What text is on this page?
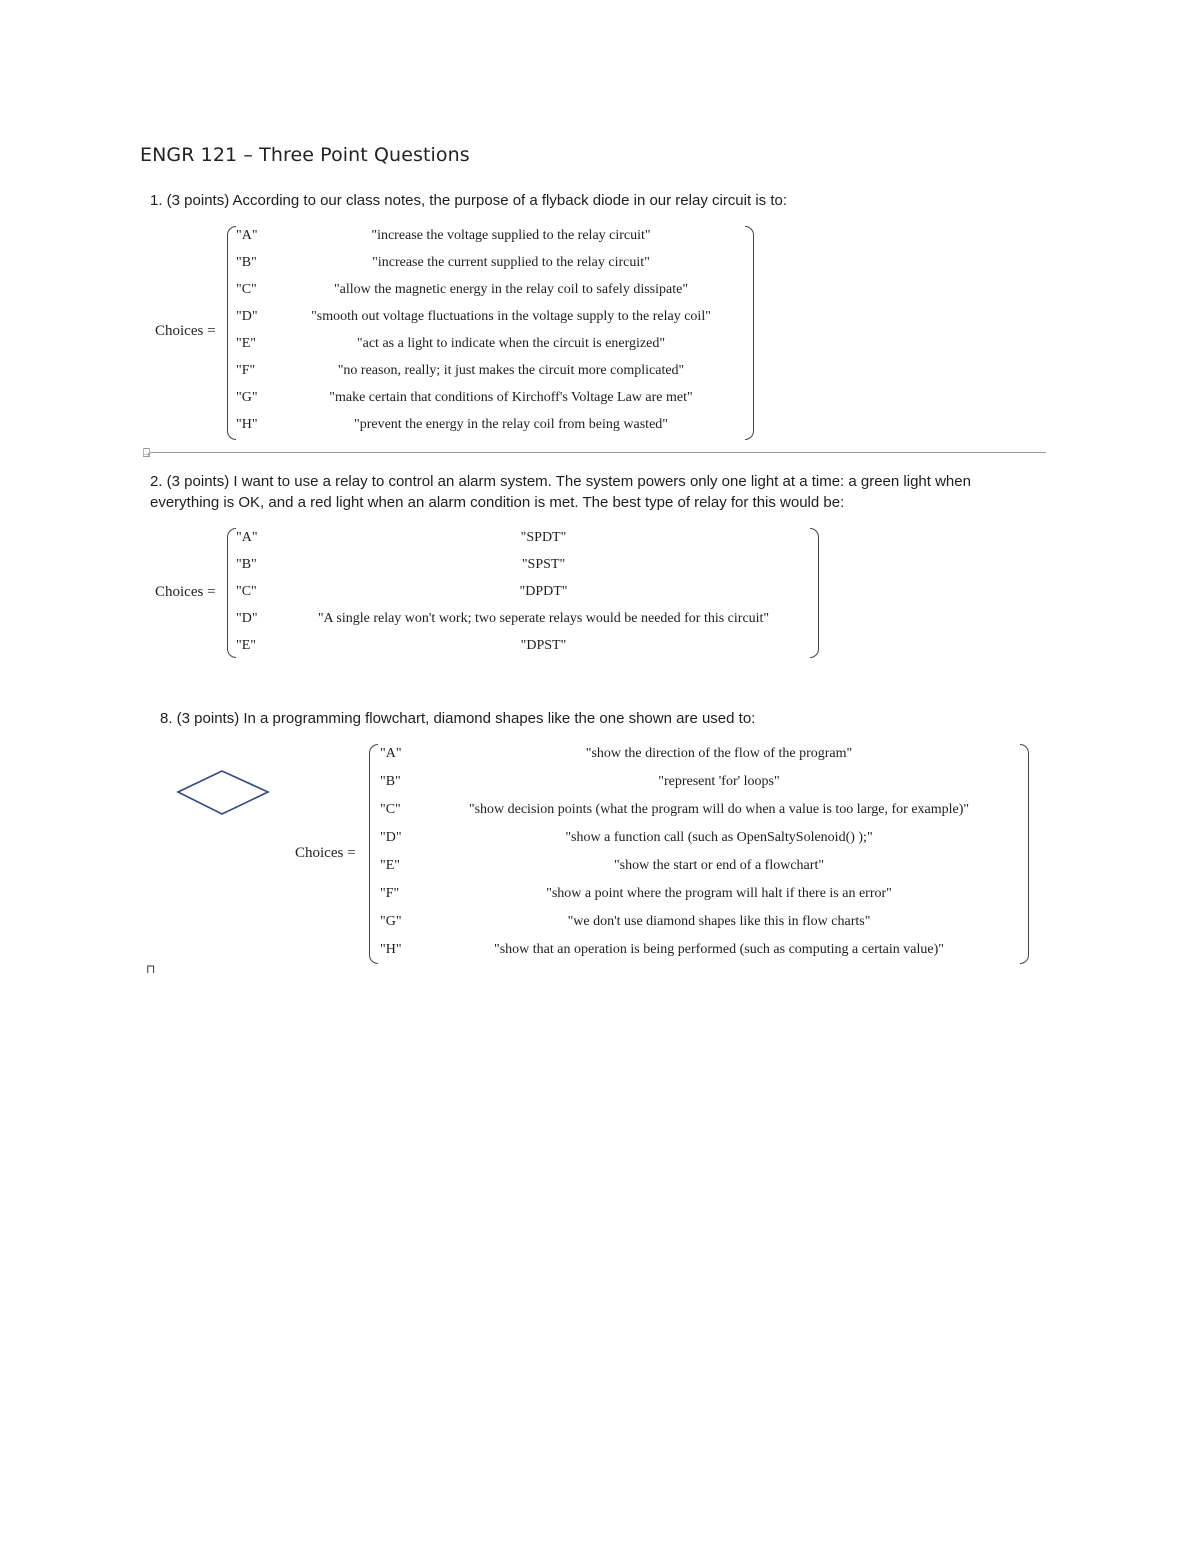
ENGR 121 – Three Point Questions
1. (3 points) According to our class notes, the purpose of a flyback diode in our relay circuit is to:
Choices =
"A"	"increase the voltage supplied to the relay circuit"
"B"	"increase the current supplied to the relay circuit"
"C"	"allow the magnetic energy in the relay coil to safely dissipate"
"D"	"smooth out voltage fluctuations in the voltage supply to the relay coil"
"E"	"act as a light to indicate when the circuit is energized"
"F"	"no reason, really; it just makes the circuit more complicated"
"G"	"make certain that conditions of Kirchoff's Voltage Law are met"
"H"	"prevent the energy in the relay coil from being wasted"
⍈
2. (3 points) I want to use a relay to control an alarm system. The system powers only one light at a time: a green light when everything is OK, and a red light when an alarm condition is met. The best type of relay for this would be:
Choices =
"A"	"SPDT"
"B"	"SPST"
"C"	"DPDT"
"D"	"A single relay won't work; two seperate relays would be needed for this circuit"
"E"	"DPST"
8. (3 points) In a programming flowchart, diamond shapes like the one shown are used to:
Choices =
"A"	"show the direction of the flow of the program"
"B"	"represent 'for' loops"
"C"	"show decision points (what the program will do when a value is too large, for example)"
"D"	"show a function call (such as OpenSaltySolenoid() );"
"E"	"show the start or end of a flowchart"
"F"	"show a point where the program will halt if there is an error"
"G"	"we don't use diamond shapes like this in flow charts"
"H"	"show that an operation is being performed (such as computing a certain value)"
⊓
